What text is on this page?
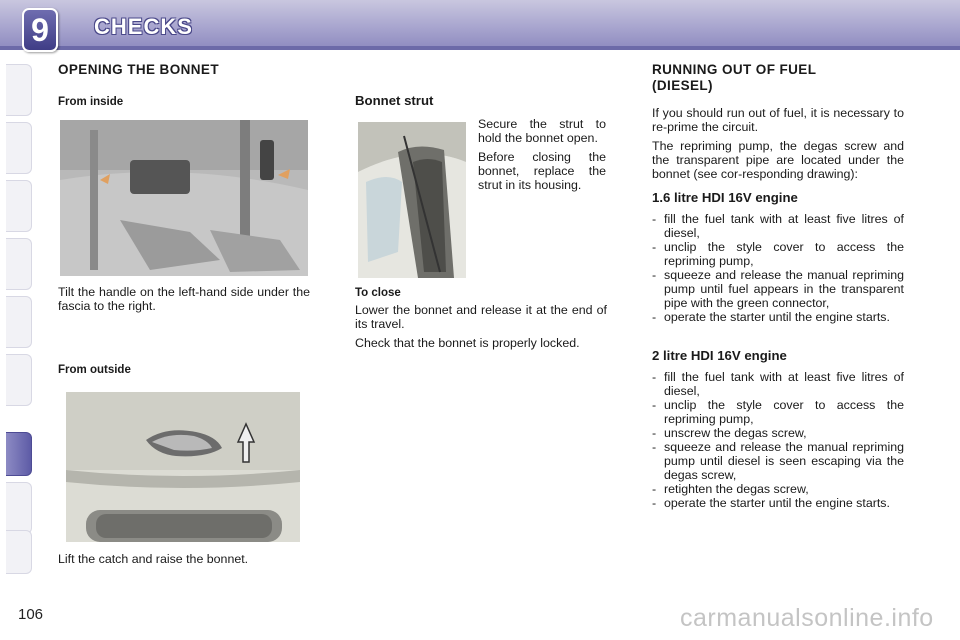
9	CHECKS
OPENING THE BONNET
From inside

Tilt the handle on the left-hand side under the fascia to the right.

From outside

Lift the catch and raise the bonnet.

Bonnet strut

Secure the strut to hold the bonnet open.

Before closing the bonnet, replace the strut in its housing.

To close

Lower the bonnet and release it at the end of its travel.

Check that the bonnet is properly locked.

RUNNING OUT OF FUEL (DIESEL)

If you should run out of fuel, it is necessary to re-prime the circuit.

The repriming pump, the degas screw and the transparent pipe are located under the bonnet (see cor-responding drawing):

1.6 litre HDI 16V engine
- fill the fuel tank with at least five litres of diesel,
- unclip the style cover to access the repriming pump,
- squeeze and release the manual repriming pump until fuel appears in the transparent pipe with the green connector,
- operate the starter until the engine starts.
2 litre HDI 16V engine
- fill the fuel tank with at least five litres of diesel,
- unclip the style cover to access the repriming pump,
- unscrew the degas screw,
- squeeze and release the manual repriming pump until diesel is seen escaping via the degas screw,
- retighten the degas screw,
- operate the starter until the engine starts.
106	carmanualsonline.info
